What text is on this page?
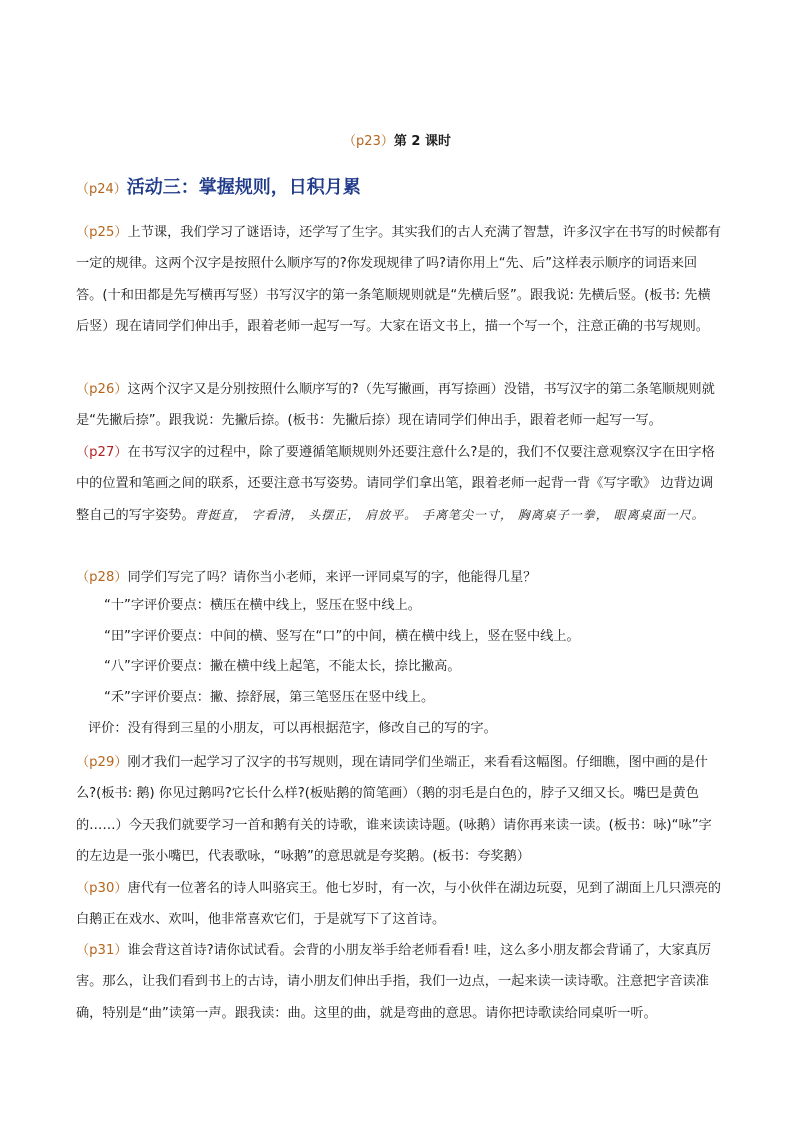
（p23）第 2 课时
（p24）活动三：掌握规则，日积月累
（p25）上节课，我们学习了谜语诗，还学写了生字。其实我们的古人充满了智慧，许多汉字在书写的时候都有一定的规律。这两个汉字是按照什么顺序写的?你发现规律了吗?请你用上“先、后”这样表示顺序的词语来回答。(十和田都是先写横再写竖）书写汉字的第一条笔顺规则就是“先横后竖”。跟我说: 先横后竖。(板书: 先横后竖）现在请同学们伸出手，跟着老师一起写一写。大家在语文书上，描一个写一个，注意正确的书写规则。
（p26）这两个汉字又是分别按照什么顺序写的?（先写撇画，再写捺画）没错，书写汉字的第二条笔顺规则就是“先撇后捺”。跟我说：先撇后捺。(板书：先撇后捺）现在请同学们伸出手，跟着老师一起写一写。
（p27）在书写汉字的过程中，除了要遵循笔顺规则外还要注意什么?是的，我们不仅要注意观察汉字在田字格中的位置和笔画之间的联系，还要注意书写姿势。请同学们拿出笔，跟着老师一起背一背《写字歌》 边背边调整自己的写字姿势。背挺直， 字看清， 头摆正， 肩放平。 手离笔尖一寸， 胸离桌子一拳， 眼离桌面一尺。
（p28）同学们写完了吗？请你当小老师，来评一评同桌写的字，他能得几星？
“十”字评价要点：横压在横中线上，竖压在竖中线上。
“田”字评价要点：中间的横、竖写在“口”的中间，横在横中线上，竖在竖中线上。
“八”字评价要点：撇在横中线上起笔，不能太长，捺比撇高。
“禾”字评价要点：撇、捺舒展，第三笔竖压在竖中线上。
评价：没有得到三星的小朋友，可以再根据范字，修改自己的写的字。
（p29）刚才我们一起学习了汉字的书写规则，现在请同学们坐端正，来看看这幅图。仔细瞧，图中画的是什么?(板书: 鹅) 你见过鹅吗?它长什么样?(板贴鹅的简笔画）（鹅的羽毛是白色的，脖子又细又长。嘴巴是黄色的……）今天我们就要学习一首和鹅有关的诗歌，谁来读读诗题。(咏鹅）请你再来读一读。(板书：咏)“咏”字的左边是一张小嘴巴，代表歌咏，“咏鹅”的意思就是夸奖鹅。(板书：夸奖鹅）
（p30）唐代有一位著名的诗人叫骆宾王。他七岁时，有一次，与小伙伴在湖边玩耍，见到了湖面上几只漂亮的白鹅正在戏水、欢叫，他非常喜欢它们，于是就写下了这首诗。
（p31）谁会背这首诗?请你试试看。会背的小朋友举手给老师看看! 哇，这么多小朋友都会背诵了，大家真厉害。那么，让我们看到书上的古诗，请小朋友们伸出手指，我们一边点，一起来读一读诗歌。注意把字音读准确，特别是“曲”读第一声。跟我读：曲。这里的曲，就是弯曲的意思。请你把诗歌读给同桌听一听。
